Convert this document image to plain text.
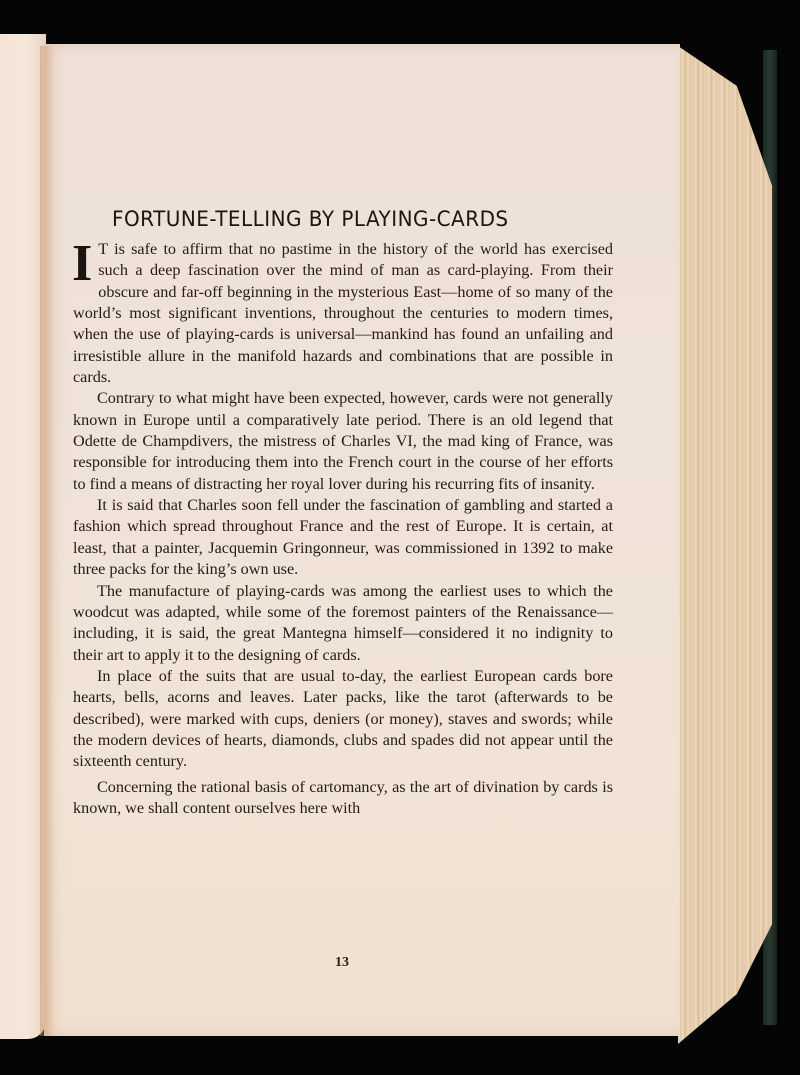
FORTUNE-TELLING BY PLAYING-CARDS

I T is safe to affirm that no pastime in the history of the world has exercised such a deep fascination over the mind of man as card-playing. From their obscure and far-off beginning in the mysterious East—home of so many of the world’s most significant inventions, throughout the centuries to modern times, when the use of playing-cards is universal—mankind has found an unfailing and irresistible allure in the manifold hazards and combinations that are possible in cards.

Contrary to what might have been expected, however, cards were not generally known in Europe until a comparatively late period. There is an old legend that Odette de Champdivers, the mistress of Charles VI, the mad king of France, was responsible for introducing them into the French court in the course of her efforts to find a means of distracting her royal lover during his recurring fits of insanity.

It is said that Charles soon fell under the fascination of gambling and started a fashion which spread throughout France and the rest of Europe. It is certain, at least, that a painter, Jacquemin Gringonneur, was commissioned in 1392 to make three packs for the king’s own use.

The manufacture of playing-cards was among the earliest uses to which the woodcut was adapted, while some of the foremost painters of the Renaissance—including, it is said, the great Mantegna himself—considered it no indignity to their art to apply it to the designing of cards.

In place of the suits that are usual to-day, the earliest European cards bore hearts, bells, acorns and leaves. Later packs, like the tarot (afterwards to be described), were marked with cups, deniers (or money), staves and swords; while the modern devices of hearts, diamonds, clubs and spades did not appear until the sixteenth century.

Concerning the rational basis of cartomancy, as the art of divination by cards is known, we shall content ourselves here with

13
